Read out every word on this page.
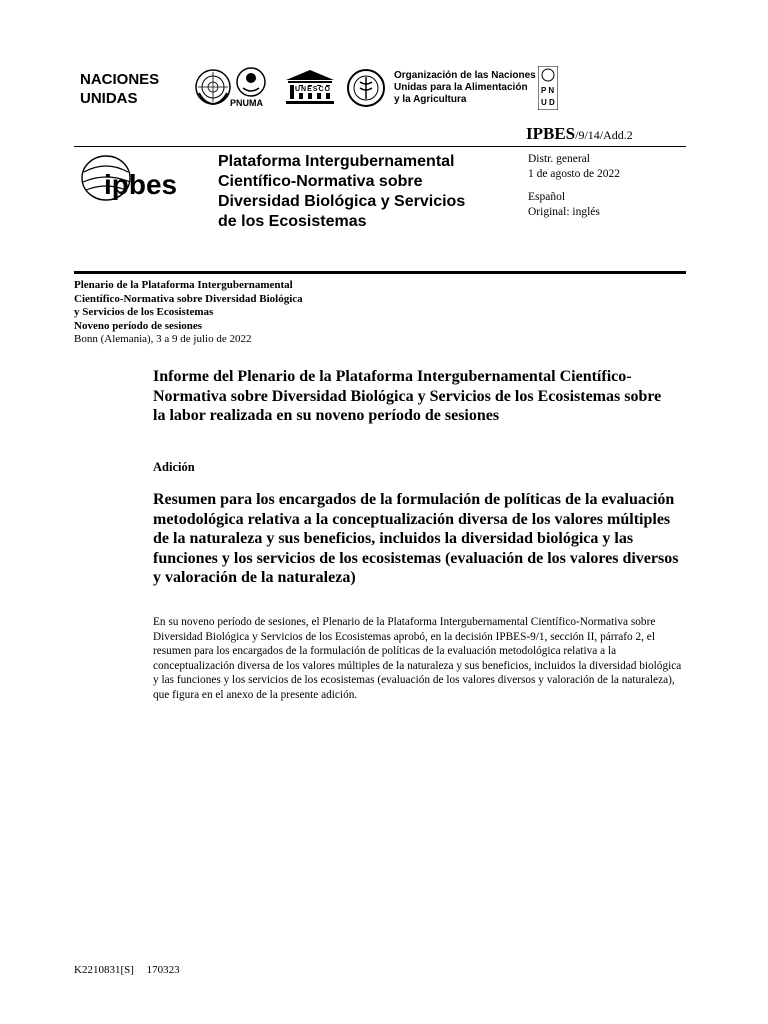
NACIONES
UNIDAS	PNUMA
UNESCO	P N
U D
Organización de las Naciones
Unidas para la Alimentación
y la Agricultura
IPBES/9/14/Add.2
ipbes
Plataforma Intergubernamental
Científico-Normativa sobre
Diversidad Biológica y Servicios
de los Ecosistemas
Distr. general
1 de agosto de 2022
Español
Original: inglés
Plenario de la Plataforma Intergubernamental
Científico-Normativa sobre Diversidad Biológica
y Servicios de los Ecosistemas
Noveno período de sesiones
Bonn (Alemania), 3 a 9 de julio de 2022
Informe del Plenario de la Plataforma Intergubernamental Científico-Normativa sobre Diversidad Biológica y Servicios de los Ecosistemas sobre la labor realizada en su noveno período de sesiones
Adición
Resumen para los encargados de la formulación de políticas de la evaluación metodológica relativa a la conceptualización diversa de los valores múltiples de la naturaleza y sus beneficios, incluidos la diversidad biológica y las funciones y los servicios de los ecosistemas (evaluación de los valores diversos y valoración de la naturaleza)
En su noveno período de sesiones, el Plenario de la Plataforma Intergubernamental Científico-Normativa sobre Diversidad Biológica y Servicios de los Ecosistemas aprobó, en la decisión IPBES-9/1, sección II, párrafo 2, el resumen para los encargados de la formulación de políticas de la evaluación metodológica relativa a la conceptualización diversa de los valores múltiples de la naturaleza y sus beneficios, incluidos la diversidad biológica y las funciones y los servicios de los ecosistemas (evaluación de los valores diversos y valoración de la naturaleza), que figura en el anexo de la presente adición.
K2210831[S] 170323
